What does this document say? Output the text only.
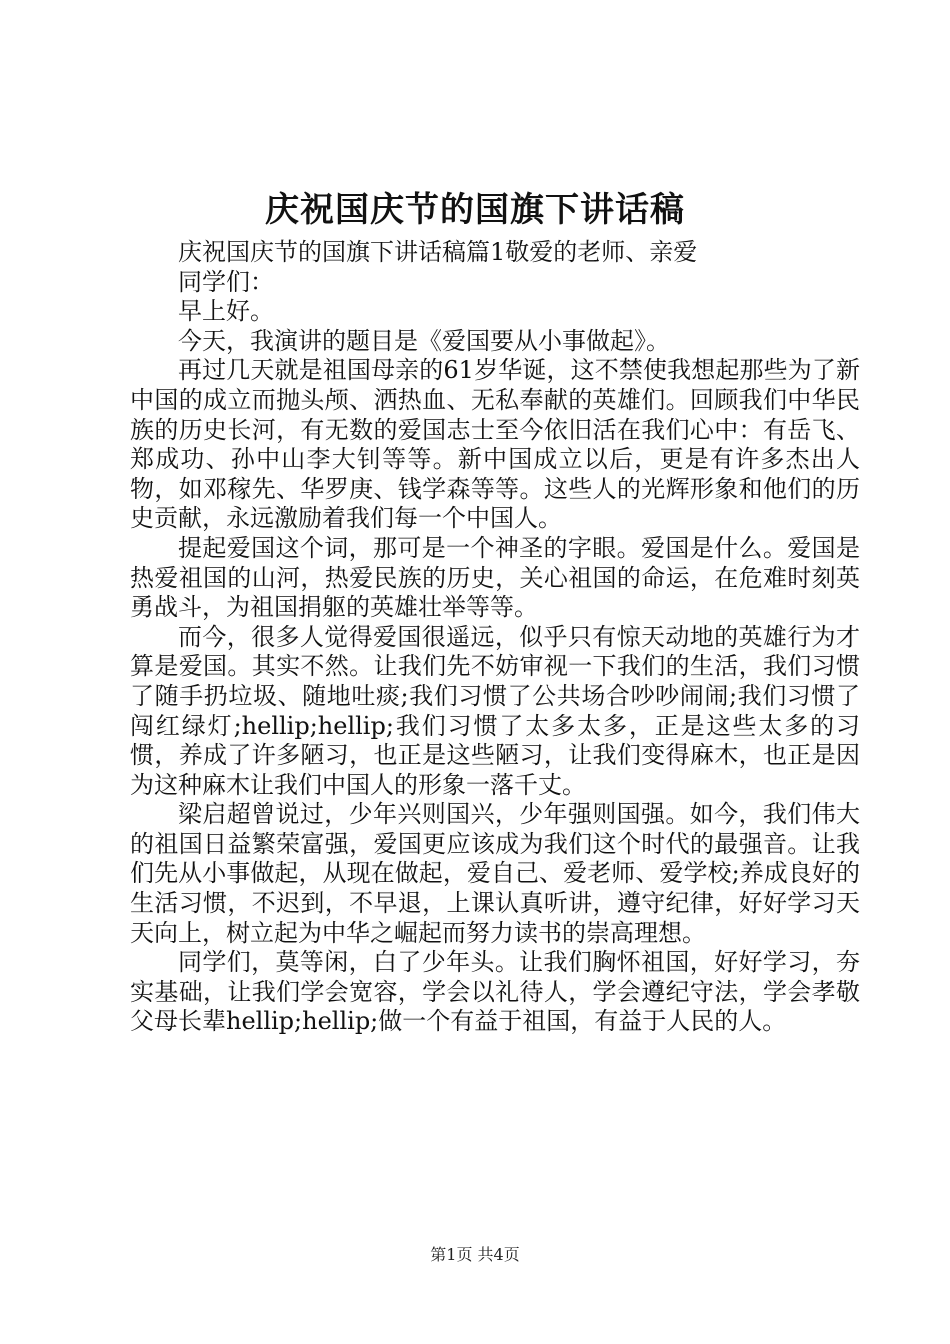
庆祝国庆节的国旗下讲话稿

庆祝国庆节的国旗下讲话稿篇1敬爱的老师、亲爱

同学们：

早上好。

今天，我演讲的题目是《爱国要从小事做起》。

再过几天就是祖国母亲的61岁华诞，这不禁使我想起那些为了新中国的成立而抛头颅、洒热血、无私奉献的英雄们。回顾我们中华民族的历史长河，有无数的爱国志士至今依旧活在我们心中：有岳飞、郑成功、孙中山李大钊等等。新中国成立以后，更是有许多杰出人物，如邓稼先、华罗庚、钱学森等等。这些人的光辉形象和他们的历史贡献，永远激励着我们每一个中国人。

提起爱国这个词，那可是一个神圣的字眼。爱国是什么。爱国是热爱祖国的山河，热爱民族的历史，关心祖国的命运，在危难时刻英勇战斗，为祖国捐躯的英雄壮举等等。

而今，很多人觉得爱国很遥远，似乎只有惊天动地的英雄行为才算是爱国。其实不然。让我们先不妨审视一下我们的生活，我们习惯了随手扔垃圾、随地吐痰;我们习惯了公共场合吵吵闹闹;我们习惯了闯红绿灯;hellip;hellip;我们习惯了太多太多，正是这些太多的习惯，养成了许多陋习，也正是这些陋习，让我们变得麻木，也正是因为这种麻木让我们中国人的形象一落千丈。

梁启超曾说过，少年兴则国兴，少年强则国强。如今，我们伟大的祖国日益繁荣富强，爱国更应该成为我们这个时代的最强音。让我们先从小事做起，从现在做起，爱自己、爱老师、爱学校;养成良好的生活习惯，不迟到，不早退，上课认真听讲，遵守纪律，好好学习天天向上，树立起为中华之崛起而努力读书的崇高理想。

同学们，莫等闲，白了少年头。让我们胸怀祖国，好好学习，夯实基础，让我们学会宽容，学会以礼待人，学会遵纪守法，学会孝敬父母长辈hellip;hellip;做一个有益于祖国，有益于人民的人。

第1页 共4页
